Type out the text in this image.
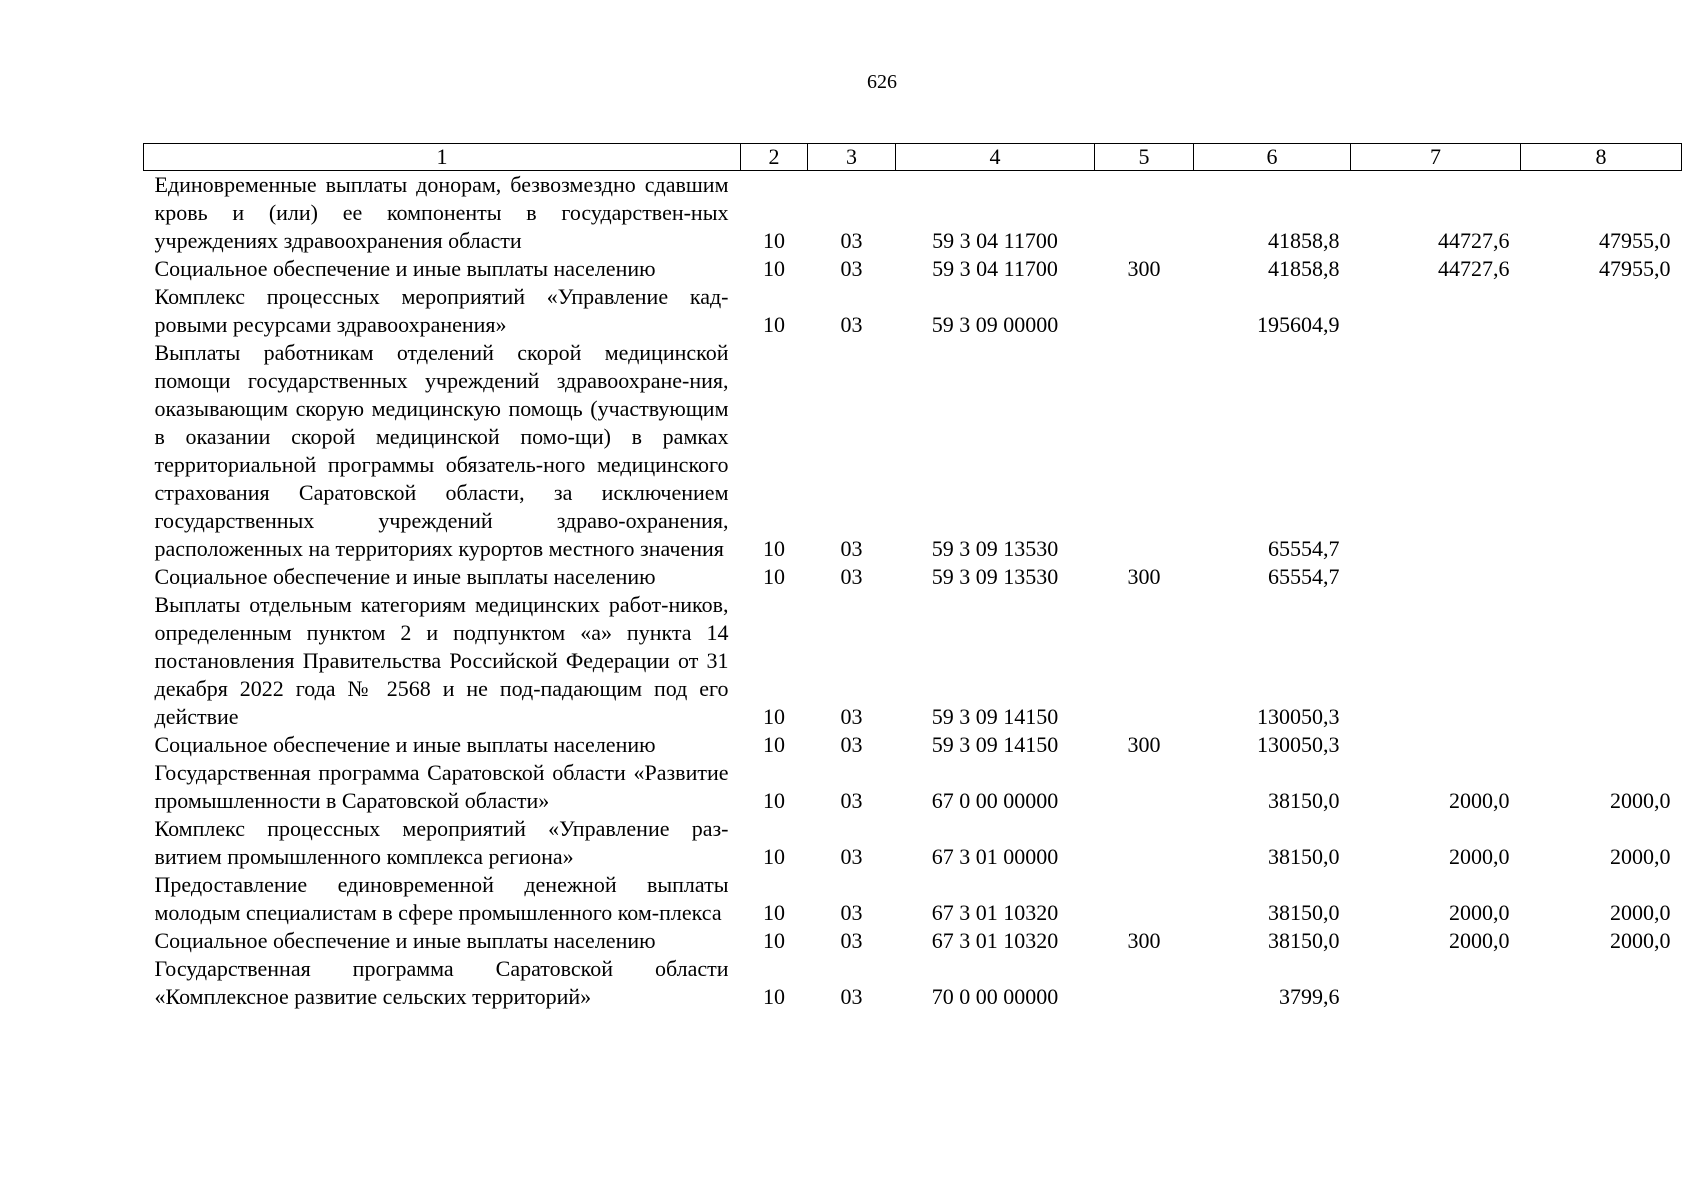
626
1	2	3	4	5	6	7	8
Единовременные выплаты донорам, безвозмездно сдавшим кровь и (или) ее компоненты в государствен-ных учреждениях здравоохранения области	10	03	59 3 04 11700		41858,8	44727,6	47955,0
Социальное обеспечение и иные выплаты населению	10	03	59 3 04 11700	300	41858,8	44727,6	47955,0
Комплекс процессных мероприятий «Управление кад-ровыми ресурсами здравоохранения»	10	03	59 3 09 00000		195604,9		
Выплаты работникам отделений скорой медицинской помощи государственных учреждений здравоохране-ния, оказывающим скорую медицинскую помощь (участвующим в оказании скорой медицинской помо-щи) в рамках территориальной программы обязатель-ного медицинского страхования Саратовской области, за исключением государственных учреждений здраво-охранения, расположенных на территориях курортов местного значения	10	03	59 3 09 13530		65554,7		
Социальное обеспечение и иные выплаты населению	10	03	59 3 09 13530	300	65554,7		
Выплаты отдельным категориям медицинских работ-ников, определенным пунктом 2 и подпунктом «а» пункта 14 постановления Правительства Российской Федерации от 31 декабря 2022 года № 2568 и не под-падающим под его действие	10	03	59 3 09 14150		130050,3		
Социальное обеспечение и иные выплаты населению	10	03	59 3 09 14150	300	130050,3		
Государственная программа Саратовской области «Развитие промышленности в Саратовской области»	10	03	67 0 00 00000		38150,0	2000,0	2000,0
Комплекс процессных мероприятий «Управление раз-витием промышленного комплекса региона»	10	03	67 3 01 00000		38150,0	2000,0	2000,0
Предоставление единовременной денежной выплаты молодым специалистам в сфере промышленного ком-плекса	10	03	67 3 01 10320		38150,0	2000,0	2000,0
Социальное обеспечение и иные выплаты населению	10	03	67 3 01 10320	300	38150,0	2000,0	2000,0
Государственная программа Саратовской области «Комплексное развитие сельских территорий»	10	03	70 0 00 00000		3799,6		
